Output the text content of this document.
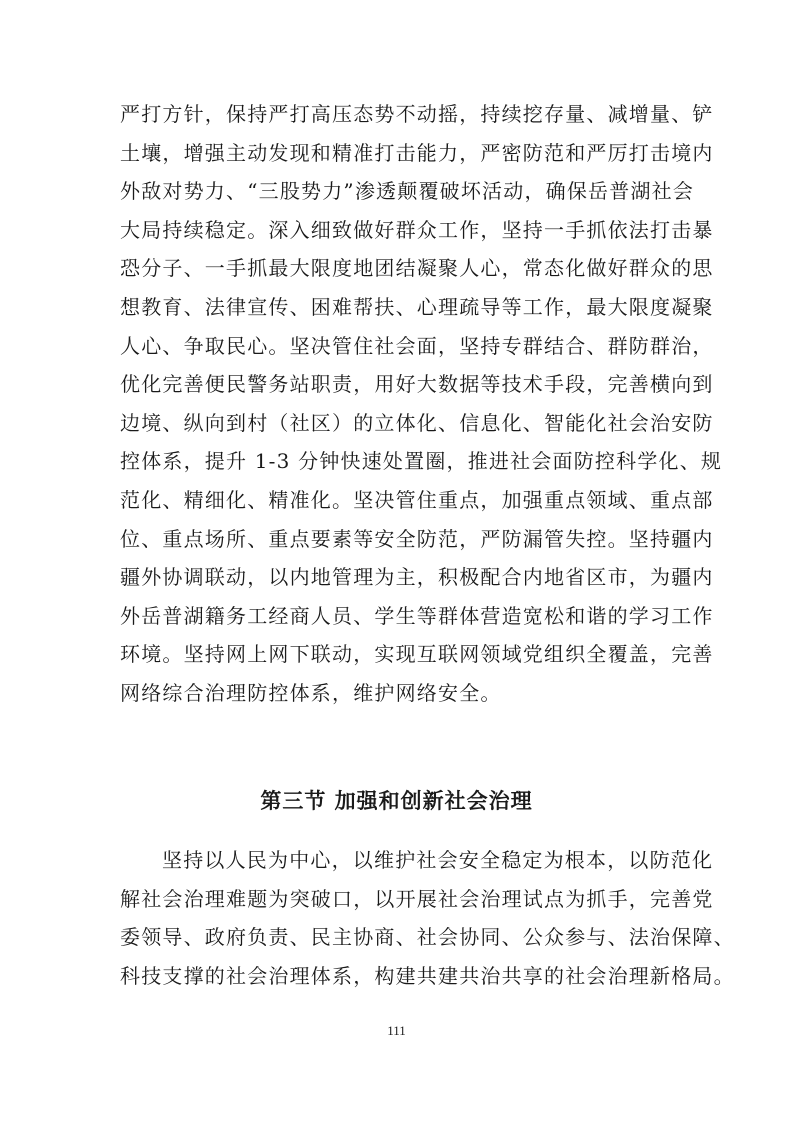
严打方针，保持严打高压态势不动摇，持续挖存量、减增量、铲
土壤，增强主动发现和精准打击能力，严密防范和严厉打击境内
外敌对势力、“三股势力”渗透颠覆破坏活动，确保岳普湖社会
大局持续稳定。深入细致做好群众工作，坚持一手抓依法打击暴
恐分子、一手抓最大限度地团结凝聚人心，常态化做好群众的思
想教育、法律宣传、困难帮扶、心理疏导等工作，最大限度凝聚
人心、争取民心。坚决管住社会面，坚持专群结合、群防群治，
优化完善便民警务站职责，用好大数据等技术手段，完善横向到
边境、纵向到村（社区）的立体化、信息化、智能化社会治安防
控体系，提升 1-3 分钟快速处置圈，推进社会面防控科学化、规
范化、精细化、精准化。坚决管住重点，加强重点领域、重点部
位、重点场所、重点要素等安全防范，严防漏管失控。坚持疆内
疆外协调联动，以内地管理为主，积极配合内地省区市，为疆内
外岳普湖籍务工经商人员、学生等群体营造宽松和谐的学习工作
环境。坚持网上网下联动，实现互联网领域党组织全覆盖，完善
网络综合治理防控体系，维护网络安全。
第三节 加强和创新社会治理
坚持以人民为中心，以维护社会安全稳定为根本，以防范化
解社会治理难题为突破口，以开展社会治理试点为抓手，完善党
委领导、政府负责、民主协商、社会协同、公众参与、法治保障、
科技支撑的社会治理体系，构建共建共治共享的社会治理新格局。
111
